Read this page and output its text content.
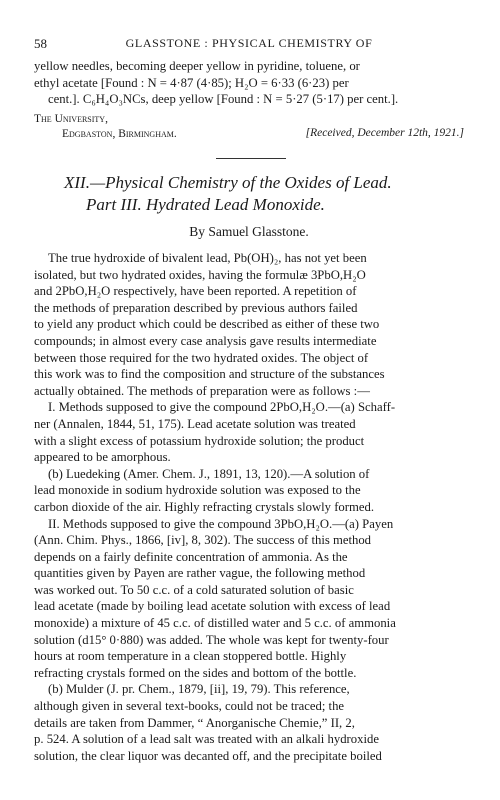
58	GLASSTONE : PHYSICAL CHEMISTRY OF
yellow needles, becoming deeper yellow in pyridine, toluene, or
ethyl acetate [Found : N = 4·87 (4·85); H₂O = 6·33 (6·23) per
cent.]. C₆H₄O₃NCs, deep yellow [Found : N = 5·27 (5·17) per cent.].
The University,
Edgbaston, Birmingham.	[Received, December 12th, 1921.]
XII.—Physical Chemistry of the Oxides of Lead.
Part III. Hydrated Lead Monoxide.
By Samuel Glasstone.
The true hydroxide of bivalent lead, Pb(OH)₂, has not yet been
isolated, but two hydrated oxides, having the formulæ 3PbO,H₂O
and 2PbO,H₂O respectively, have been reported. A repetition of
the methods of preparation described by previous authors failed
to yield any product which could be described as either of these two
compounds; in almost every case analysis gave results intermediate
between those required for the two hydrated oxides. The object of
this work was to find the composition and structure of the substances
actually obtained. The methods of preparation were as follows :—
I. Methods supposed to give the compound 2PbO,H₂O.—(a) Schaff-
ner (Annalen, 1844, 51, 175). Lead acetate solution was treated
with a slight excess of potassium hydroxide solution; the product
appeared to be amorphous.
(b) Luedeking (Amer. Chem. J., 1891, 13, 120).—A solution of
lead monoxide in sodium hydroxide solution was exposed to the
carbon dioxide of the air. Highly refracting crystals slowly formed.
II. Methods supposed to give the compound 3PbO,H₂O.—(a) Payen
(Ann. Chim. Phys., 1866, [iv], 8, 302). The success of this method
depends on a fairly definite concentration of ammonia. As the
quantities given by Payen are rather vague, the following method
was worked out. To 50 c.c. of a cold saturated solution of basic
lead acetate (made by boiling lead acetate solution with excess of lead
monoxide) a mixture of 45 c.c. of distilled water and 5 c.c. of ammonia
solution (d15° 0·880) was added. The whole was kept for twenty-four
hours at room temperature in a clean stoppered bottle. Highly
refracting crystals formed on the sides and bottom of the bottle.
(b) Mulder (J. pr. Chem., 1879, [ii], 19, 79). This reference,
although given in several text-books, could not be traced; the
details are taken from Dammer, “ Anorganische Chemie,” II, 2,
p. 524. A solution of a lead salt was treated with an alkali hydroxide
solution, the clear liquor was decanted off, and the precipitate boiled
